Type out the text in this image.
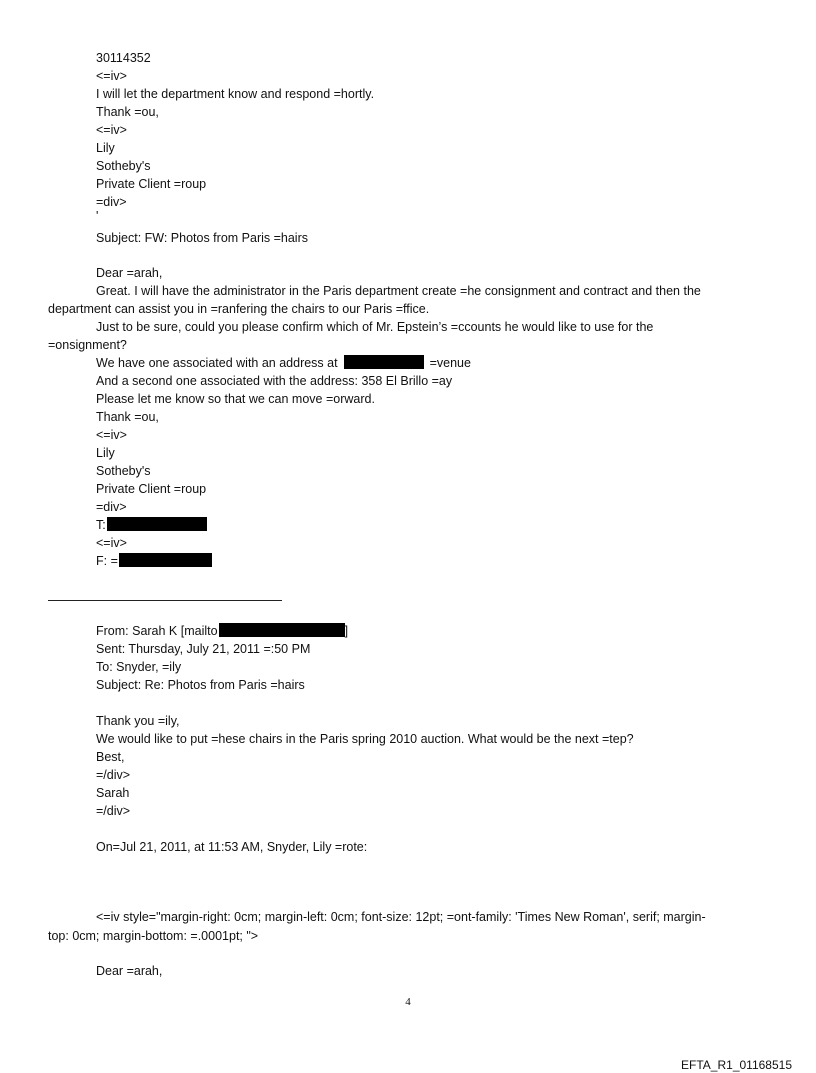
30114352
<=iv>
I will let the department know and respond =hortly.
Thank =ou,
<=iv>
Lily
Sotheby's
Private Client =roup
=div>
'
Subject: FW: Photos from Paris =hairs
Dear =arah,
Great. I will have the administrator in the Paris department create =he consignment and contract and then the
department can assist you in =ranfering the chairs to our Paris =ffice.
Just to be sure, could you please confirm which of Mr. Epstein’s =ccounts he would like to use for the
=onsignment?
We have one associated with an address at	=venue
And a second one associated with the address: 358 El Brillo =ay
Please let me know so that we can move =orward.
Thank =ou,
<=iv>
Lily
Sotheby's
Private Client =roup
=div>
T:
<=iv>
F: =
From: Sarah K [mailto	]
Sent: Thursday, July 21, 2011 =:50 PM
To: Snyder, =ily
Subject: Re: Photos from Paris =hairs
Thank you =ily,
We would like to put =hese chairs in the Paris spring 2010 auction. What would be the next =tep?
Best,
=/div>
Sarah
=/div>
On=Jul 21, 2011, at 11:53 AM, Snyder, Lily =rote:
<=iv style="margin-right: 0cm; margin-left: 0cm; font-size: 12pt; =ont-family: 'Times New Roman', serif; margin-
top: 0cm; margin-bottom: =.0001pt; ">
Dear =arah,
4
EFTA_R1_01168515
